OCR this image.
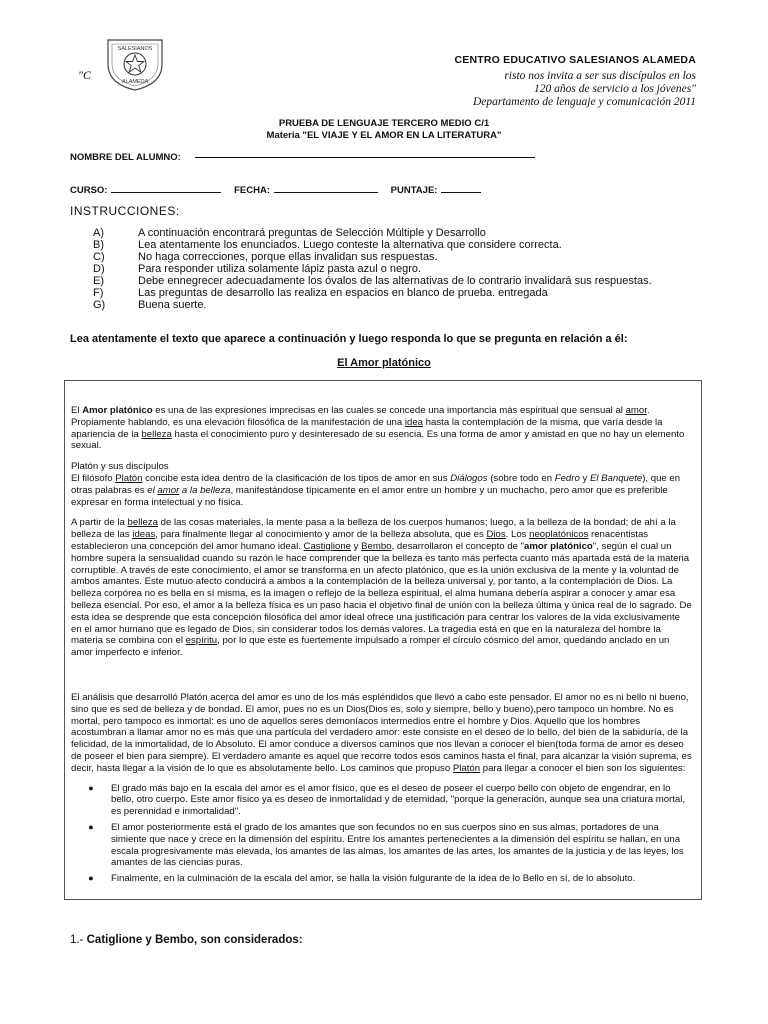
SALESIANOS
ALAMEDA
"C
CENTRO EDUCATIVO SALESIANOS ALAMEDA
risto nos invita a ser sus discípulos en los
120 años de servicio a los jóvenes"
Departamento de lenguaje y comunicación 2011
PRUEBA DE LENGUAJE TERCERO MEDIO C/1
Materia "EL VIAJE Y EL AMOR EN LA LITERATURA"
NOMBRE DEL ALUMNO:
CURSO:	FECHA:	PUNTAJE:
INSTRUCCIONES:
A)	A continuación encontrará preguntas de Selección Múltiple y Desarrollo
B)	Lea atentamente los enunciados. Luego conteste la alternativa que considere correcta.
C)	No haga correcciones, porque ellas invalidan sus respuestas.
D)	Para responder utiliza solamente lápiz pasta azul o negro.
E)	Debe ennegrecer adecuadamente los óvalos de las alternativas de lo contrario invalidará sus respuestas.
F)	Las preguntas de desarrollo las realiza en espacios en blanco de prueba. entregada
G)	Buena suerte.
Lea atentamente el texto que aparece a continuación y luego responda lo que se pregunta en relación a él:
El Amor platónico

El Amor platónico es una de las expresiones imprecisas en las cuales se concede una importancia más espiritual que sensual al amor. Propiamente hablando, es una elevación filosófica de la manifestación de una idea hasta la contemplación de la misma, que varía desde la apariencia de la belleza hasta el conocimiento puro y desinteresado de su esencia. Es una forma de amor y amistad en que no hay un elemento sexual.

Platón y sus discípulos

El filósofo Platón concibe esta idea dentro de la clasificación de los tipos de amor en sus Diálogos (sobre todo en Fedro y El Banquete), que en otras palabras es el amor a la belleza, manifestándose típicamente en el amor entre un hombre y un muchacho, pero amor que es preferible expresar en forma intelectual y no física.

A partir de la belleza de las cosas materiales, la mente pasa a la belleza de los cuerpos humanos; luego, a la belleza de la bondad; de ahí a la belleza de las ideas, para finalmente llegar al conocimiento y amor de la belleza absoluta, que es Dios. Los neoplatónicos renacentistas establecieron una concepción del amor humano ideal. Castiglione y Bembo, desarrollaron el concepto de "amor platónico", según el cual un hombre supera la sensualidad cuando su razón le hace comprender que la belleza es tanto más perfecta cuanto más apartada está de la materia corruptible. A través de este conocimiento, el amor se transforma en un afecto platónico, que es la unión exclusiva de la mente y la voluntad de ambos amantes. Este mutuo afecto conducirá a ambos a la contemplación de la belleza universal y, por tanto, a la contemplación de Dios. La belleza corpórea no es bella en sí misma, es la imagen o reflejo de la belleza espiritual, el alma humana debería aspirar a conocer y amar esa belleza esencial. Por eso, el amor a la belleza física es un paso hacia el objetivo final de unión con la belleza última y única real de lo sagrado. De esta idea se desprende que esta concepción filosófica del amor ideal ofrece una justificación para centrar los valores de la vida exclusivamente en el amor humano que es legado de Dios, sin considerar todos los demás valores. La tragedia está en que en la naturaleza del hombre la materia se combina con el espíritu, por lo que este es fuertemente impulsado a romper el círculo cósmico del amor, quedando anclado en un amor imperfecto e inferior.

El análisis que desarrolló Platón acerca del amor es uno de los más espléndidos que llevó a cabo este pensador. El amor no es ni bello ni bueno, sino que es sed de belleza y de bondad. El amor, pues no es un Dios(Dios es, solo y siempre, bello y bueno),pero tampoco un hombre. No es mortal, pero tampoco es inmortal: es uno de aquellos seres demoníacos intermedios entre el hombre y Dios. Aquello que los hombres acostumbran a llamar amor no es más que una partícula del verdadero amor: este consiste en el deseo de lo bello, del bien de la sabiduría, de la felicidad, de la inmortalidad, de lo Absoluto. El amor conduce a diversos caminos que nos llevan a conocer el bien(toda forma de amor es deseo de poseer el bien para siempre). El verdadero amante es aquel que recorre todos esos caminos hasta el final, para alcanzar la visión suprema, es decir, hasta llegar a la visión de lo que es absolutamente bello. Los caminos que propuso Platón para llegar a conocer el bien son los siguientes:

●	El grado más bajo en la escala del amor es el amor físico, que es el deseo de poseer el cuerpo bello con objeto de engendrar, en lo bello, otro cuerpo. Este amor físico ya es deseo de inmortalidad y de eternidad, "porque la generación, aunque sea una criatura mortal, es perennidad e inmortalidad".
●	El amor posteriormente está el grado de los amantes que son fecundos no en sus cuerpos sino en sus almas, portadores de una simiente que nace y crece en la dimensión del espíritu. Entre los amantes pertenecientes a la dimensión del espíritu se hallan, en una escala progresivamente más elevada, los amantes de las almas, los amantes de las artes, los amantes de la justicia y de las leyes, los amantes de las ciencias puras.
●	Finalmente, en la culminación de la escala del amor, se halla la visión fulgurante de la idea de lo Bello en sí, de lo absoluto.
1.- Catiglione y Bembo, son considerados:
